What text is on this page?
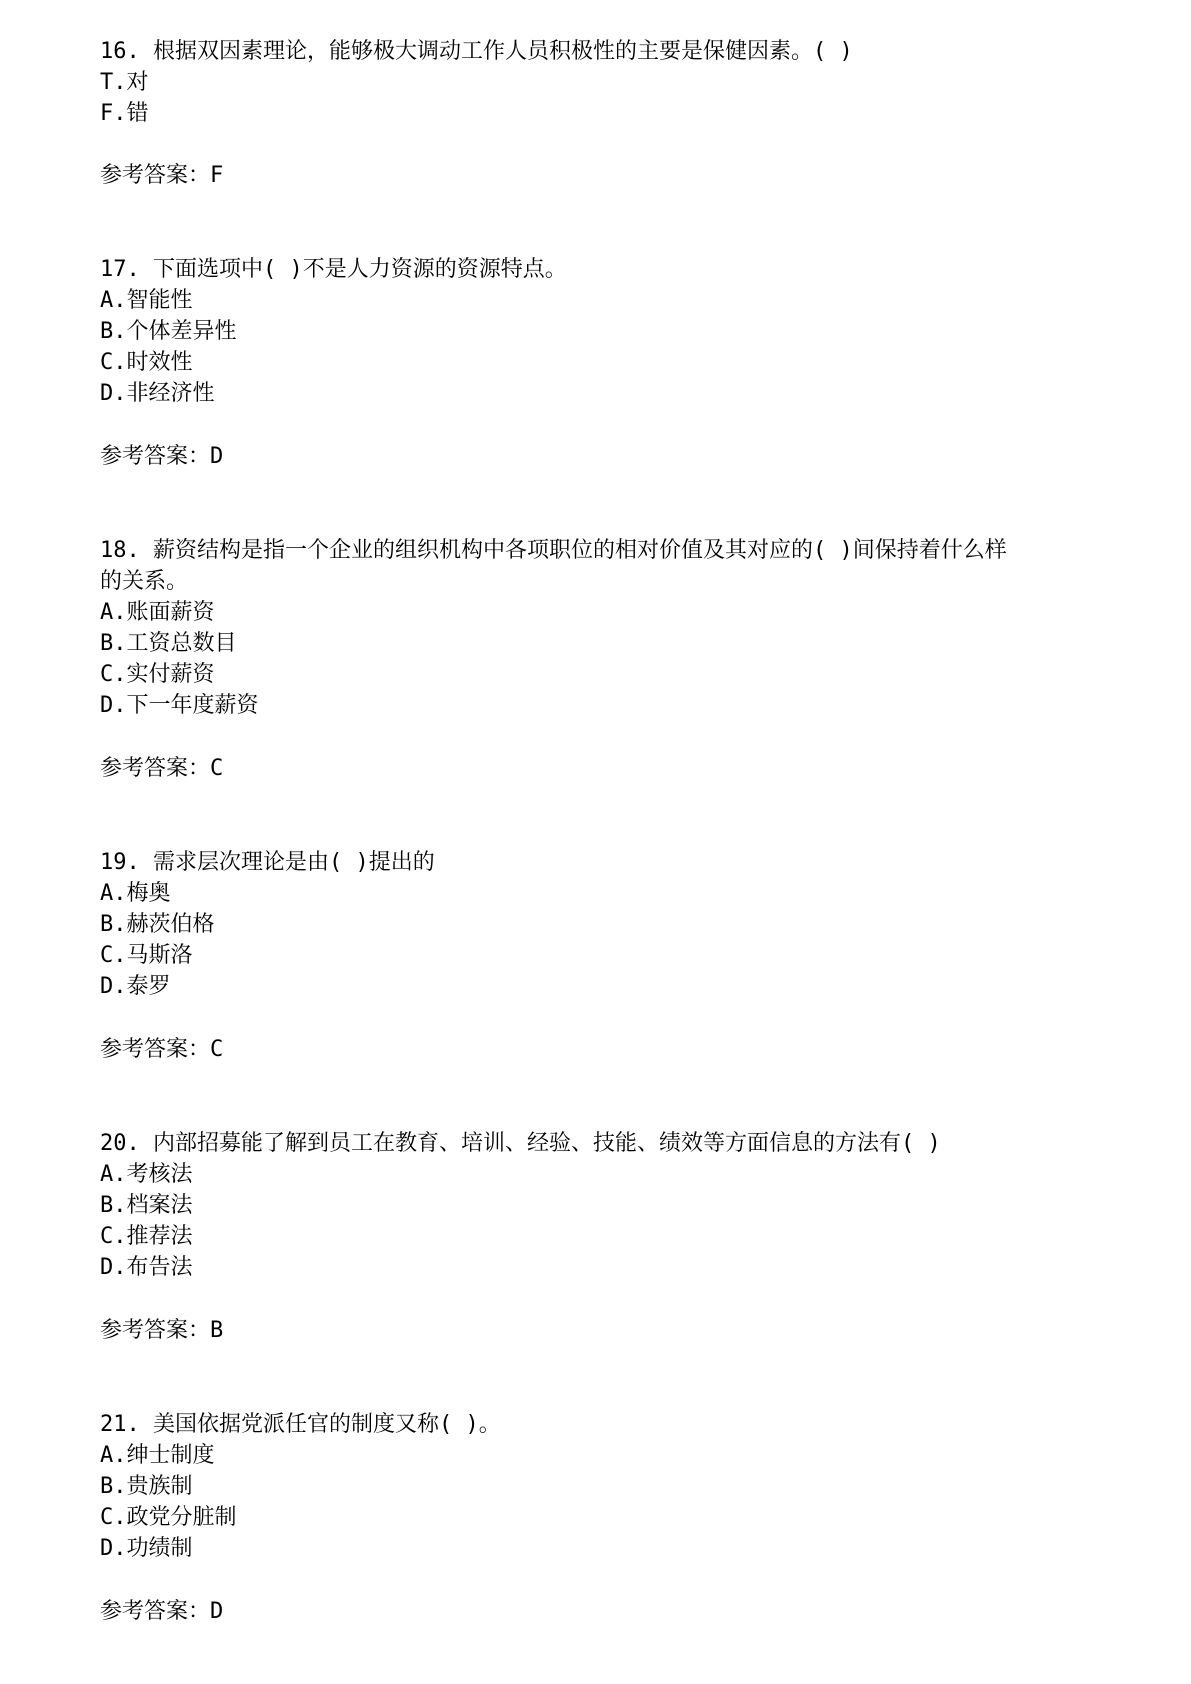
16. 根据双因素理论，能够极大调动工作人员积极性的主要是保健因素。( )
T.对
F.错
参考答案：F
17. 下面选项中( )不是人力资源的资源特点。
A.智能性
B.个体差异性
C.时效性
D.非经济性
参考答案：D
18. 薪资结构是指一个企业的组织机构中各项职位的相对价值及其对应的( )间保持着什么样
的关系。
A.账面薪资
B.工资总数目
C.实付薪资
D.下一年度薪资
参考答案：C
19. 需求层次理论是由( )提出的
A.梅奥
B.赫茨伯格
C.马斯洛
D.泰罗
参考答案：C
20. 内部招募能了解到员工在教育、培训、经验、技能、绩效等方面信息的方法有( )
A.考核法
B.档案法
C.推荐法
D.布告法
参考答案：B
21. 美国依据党派任官的制度又称( )。
A.绅士制度
B.贵族制
C.政党分脏制
D.功绩制
参考答案：D
